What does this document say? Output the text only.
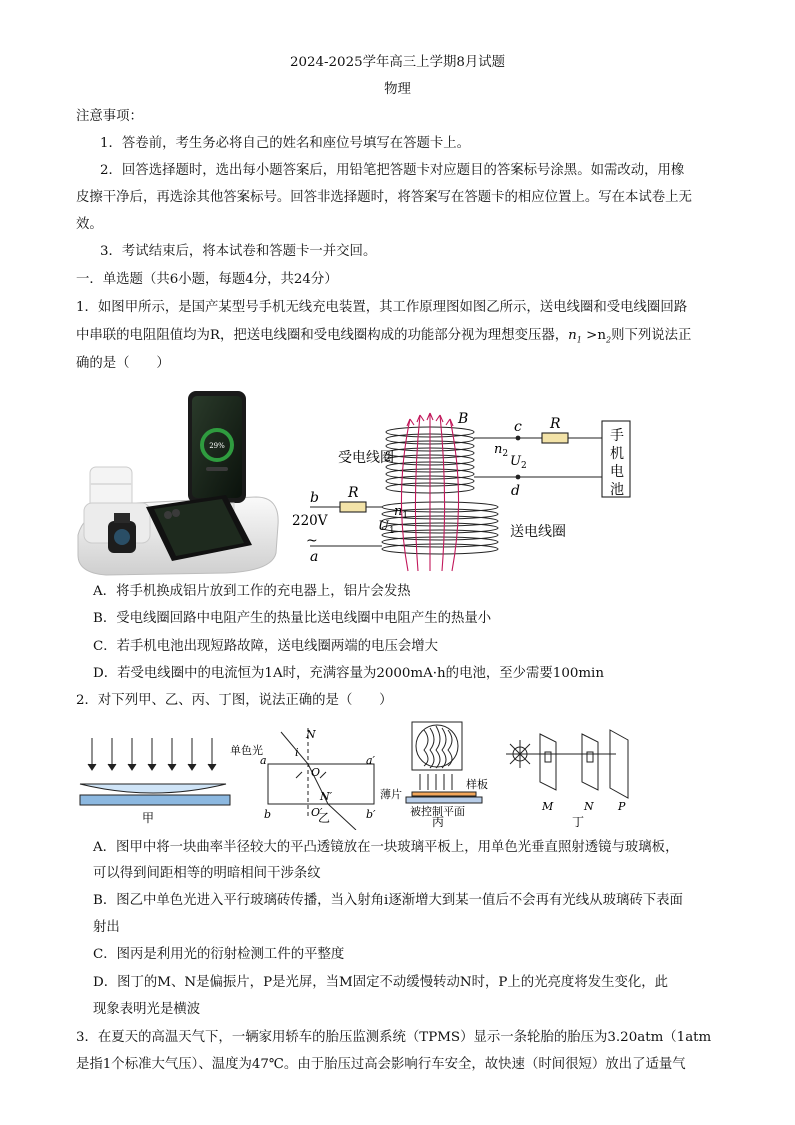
2024-2025学年高三上学期8月试题
物理
注意事项：
1．答卷前，考生务必将自己的姓名和座位号填写在答题卡上。
2．回答选择题时，选出每小题答案后，用铅笔把答题卡对应题目的答案标号涂黑。如需改动，用橡
皮擦干净后，再选涂其他答案标号。回答非选择题时，将答案写在答题卡的相应位置上。写在本试卷上无
效。
3．考试结束后，将本试卷和答题卡一并交回。
一．单选题（共6小题，每题4分，共24分）
1．如图甲所示，是国产某型号手机无线充电装置，其工作原理图如图乙所示，送电线圈和受电线圈回路
中串联的电阻阻值均为R，把送电线圈和受电线圈构成的功能部分视为理想变压器，$n_1 >n_2$则下列说法正
确的是（　　）
29%
B	c
d
R
$n_2$ $U_2$
手
机
电
池
受电线圈
b R
220V
~
a
$n_1$
$U_1$	送电线圈
A．将手机换成铝片放到工作的充电器上，铝片会发热
B．受电线圈回路中电阻产生的热量比送电线圈中电阻产生的热量小
C．若手机电池出现短路故障，送电线圈两端的电压会增大
D．若受电线圈中的电流恒为1A时，充满容量为2000mA·h的电池，至少需要100min
2．对下列甲、乙、丙、丁图，说法正确的是（　　）
甲
单色光
N
i
a
O
a′
N′
b	O′	b′
乙
薄片
样板
被控制平面
丙
M	N P
丁
A．图甲中将一块曲率半径较大的平凸透镜放在一块玻璃平板上，用单色光垂直照射透镜与玻璃板，
可以得到间距相等的明暗相间干涉条纹
B．图乙中单色光进入平行玻璃砖传播，当入射角i逐渐增大到某一值后不会再有光线从玻璃砖下表面
射出
C．图丙是利用光的衍射检测工件的平整度
D．图丁的M、N是偏振片，P是光屏，当M固定不动缓慢转动N时，P上的光亮度将发生变化，此
现象表明光是横波
3．在夏天的高温天气下，一辆家用轿车的胎压监测系统（TPMS）显示一条轮胎的胎压为3.20atm（1atm
是指1个标准大气压）、温度为47℃。由于胎压过高会影响行车安全，故快速（时间很短）放出了适量气
